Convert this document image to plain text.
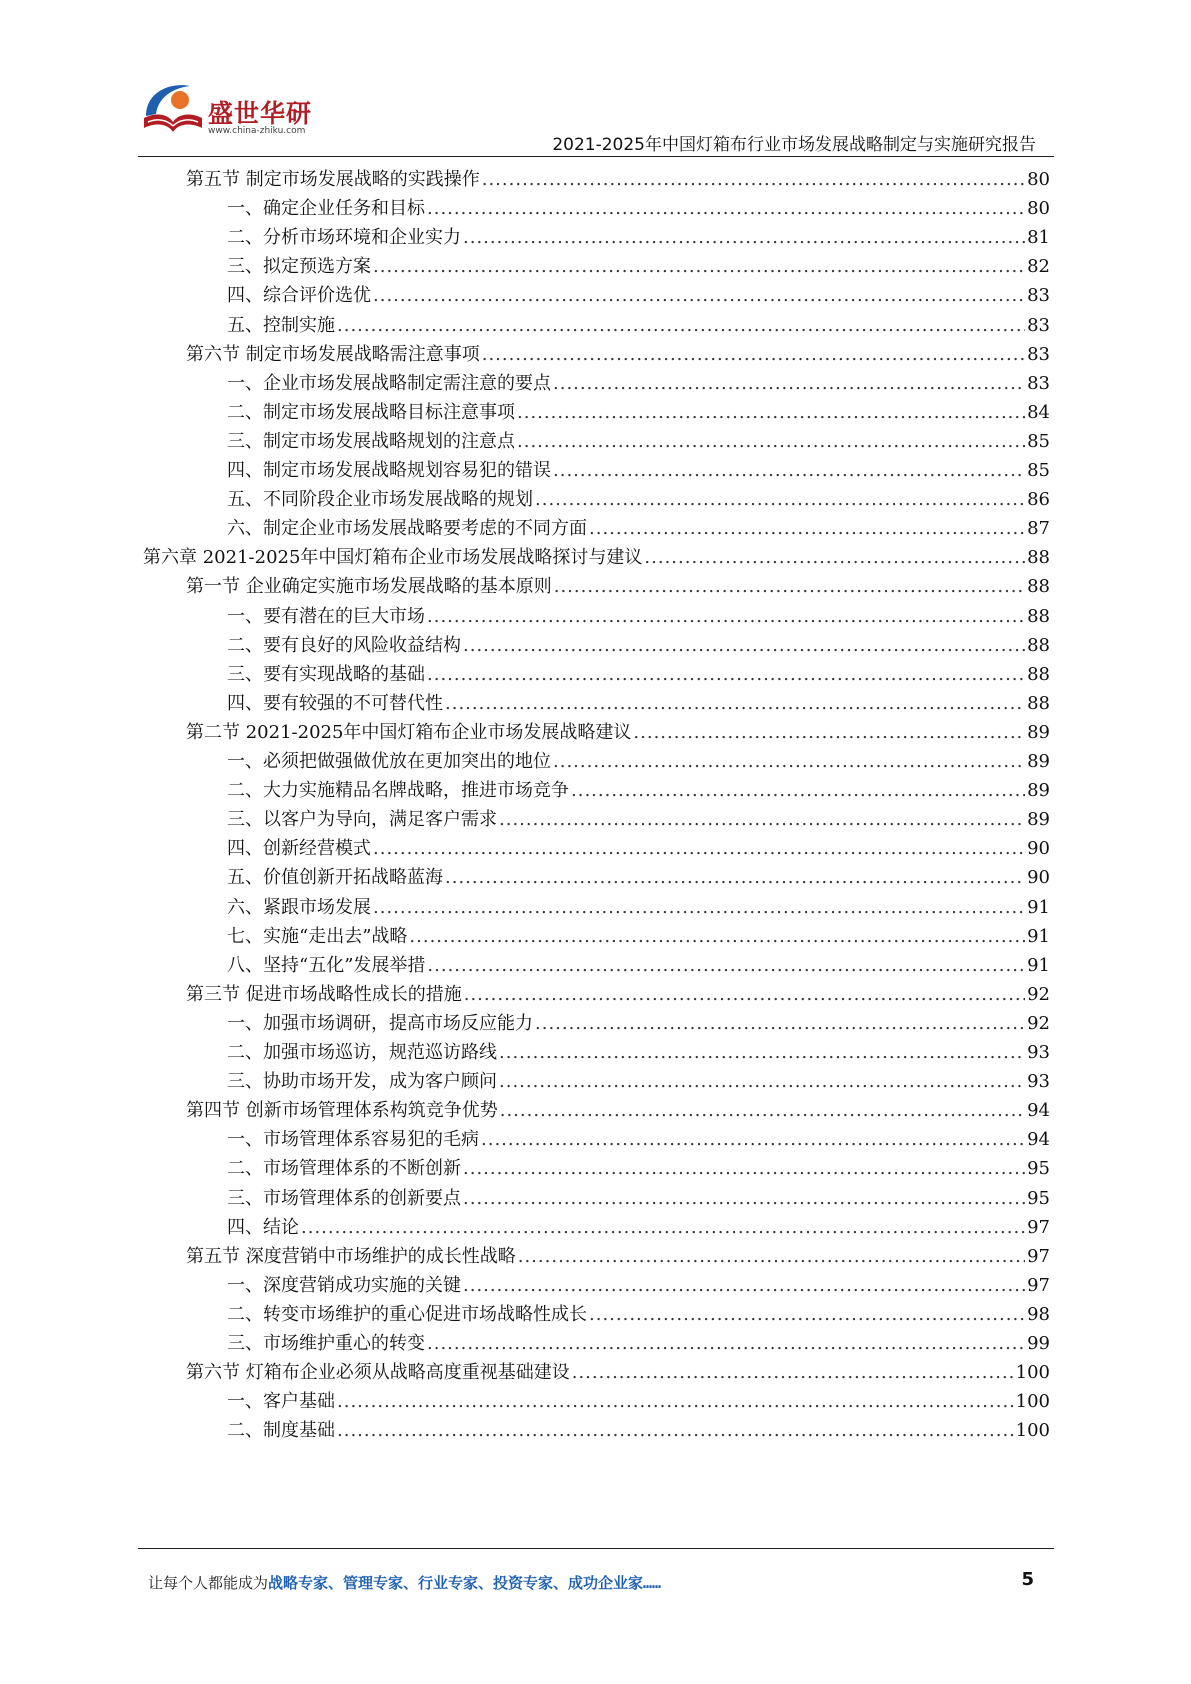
盛世华研
www.china-zhiku.com
2021-2025年中国灯箱布行业市场发展战略制定与实施研究报告
第五节 制定市场发展战略的实践操作 .....	80
一、确定企业任务和目标 .....	80
二、分析市场环境和企业实力 .....	81
三、拟定预选方案 .....	82
四、综合评价选优 .....	83
五、控制实施 .....	83
第六节 制定市场发展战略需注意事项 .....	83
一、企业市场发展战略制定需注意的要点 .....	83
二、制定市场发展战略目标注意事项 .....	84
三、制定市场发展战略规划的注意点 .....	85
四、制定市场发展战略规划容易犯的错误 .....	85
五、不同阶段企业市场发展战略的规划 .....	86
六、制定企业市场发展战略要考虑的不同方面 .....	87
第六章 2021-2025年中国灯箱布企业市场发展战略探讨与建议 .....	88
第一节 企业确定实施市场发展战略的基本原则 .....	88
一、要有潜在的巨大市场 .....	88
二、要有良好的风险收益结构 .....	88
三、要有实现战略的基础 .....	88
四、要有较强的不可替代性 .....	88
第二节 2021-2025年中国灯箱布企业市场发展战略建议 .....	89
一、必须把做强做优放在更加突出的地位 .....	89
二、大力实施精品名牌战略，推进市场竞争 .....	89
三、以客户为导向，满足客户需求 .....	89
四、创新经营模式 .....	90
五、价值创新开拓战略蓝海 .....	90
六、紧跟市场发展 .....	91
七、实施“走出去”战略 .....	91
八、坚持“五化”发展举措 .....	91
第三节 促进市场战略性成长的措施 .....	92
一、加强市场调研，提高市场反应能力 .....	92
二、加强市场巡访，规范巡访路线 .....	93
三、协助市场开发，成为客户顾问 .....	93
第四节 创新市场管理体系构筑竞争优势 .....	94
一、市场管理体系容易犯的毛病 .....	94
二、市场管理体系的不断创新 .....	95
三、市场管理体系的创新要点 .....	95
四、结论 .....	97
第五节 深度营销中市场维护的成长性战略 .....	97
一、深度营销成功实施的关键 .....	97
二、转变市场维护的重心促进市场战略性成长 .....	98
三、市场维护重心的转变 .....	99
第六节 灯箱布企业必须从战略高度重视基础建设 .....	100
一、客户基础 .....	100
二、制度基础 .....	100
让每个人都能成为战略专家、管理专家、行业专家、投资专家、成功企业家……	5
